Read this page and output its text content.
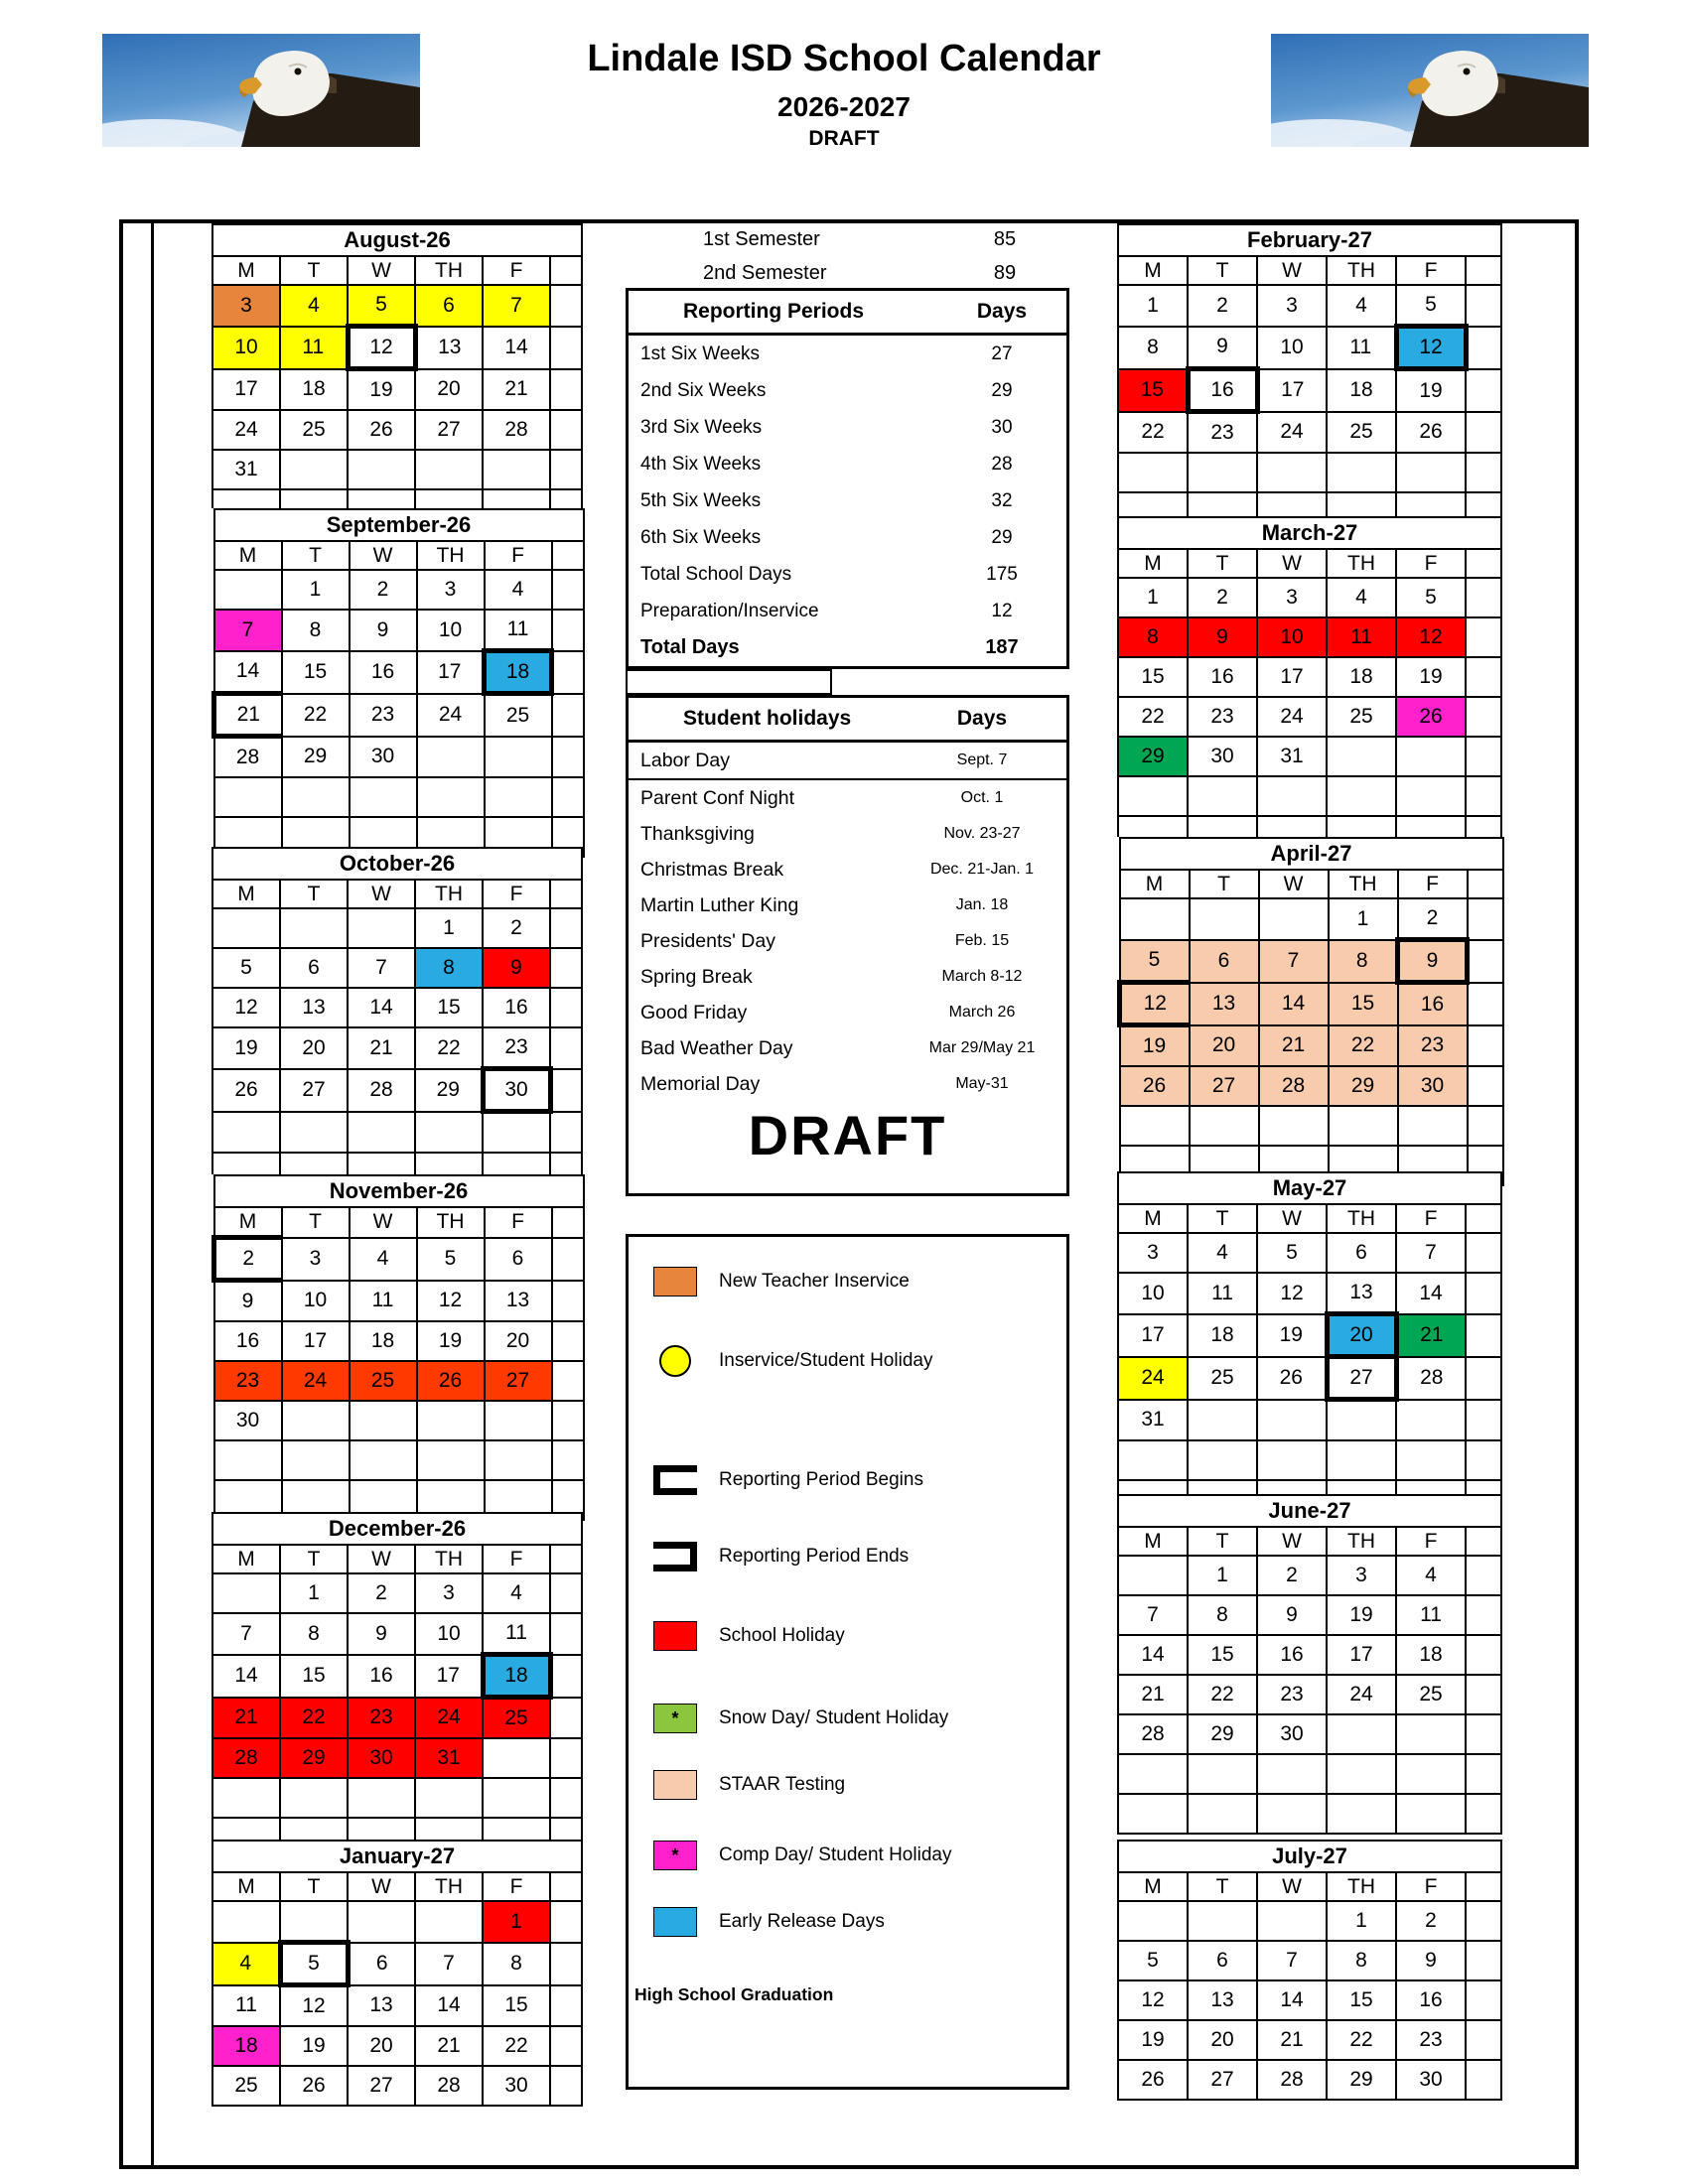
Lindale ISD School Calendar
2026-2027
DRAFT
August-26					
M	T	W	TH	F	
3	4	5	6	7	
10	11	12	13	14	
17	18	19	20	21	
24	25	26	27	28	
31					

September-26					
M	T	W	TH	F	
	1	2	3	4	
7	8	9	10	11	
14	15	16	17	18	
21	22	23	24	25	
28	29	30			

October-26					
M	T	W	TH	F	
			1	2	
5	6	7	8	9	
12	13	14	15	16	
19	20	21	22	23	
26	27	28	29	30	

November-26					
M	T	W	TH	F	
2	3	4	5	6	
9	10	11	12	13	
16	17	18	19	20	
23	24	25	26	27	
30					

December-26					
M	T	W	TH	F	
	1	2	3	4	
7	8	9	10	11	
14	15	16	17	18	
21	22	23	24	25	
28	29	30	31		

January-27					
M	T	W	TH	F	
				1	
4	5	6	7	8	
11	12	13	14	15	
18	19	20	21	22	
25	26	27	28	30	
February-27					
M	T	W	TH	F	
1	2	3	4	5	
8	9	10	11	12	
15	16	17	18	19	
22	23	24	25	26	

March-27					
M	T	W	TH	F	
1	2	3	4	5	
8	9	10	11	12	
15	16	17	18	19	
22	23	24	25	26	
29	30	31			

April-27					
M	T	W	TH	F	
			1	2	
5	6	7	8	9	
12	13	14	15	16	
19	20	21	22	23	
26	27	28	29	30	

May-27					
M	T	W	TH	F	
3	4	5	6	7	
10	11	12	13	14	
17	18	19	20	21	
24	25	26	27	28	
31					

June-27					
M	T	W	TH	F	
	1	2	3	4	
7	8	9	19	11	
14	15	16	17	18	
21	22	23	24	25	
28	29	30			

July-27					
M	T	W	TH	F	
			1	2	
5	6	7	8	9	
12	13	14	15	16	
19	20	21	22	23	
26	27	28	29	30	
1st Semester	85
2nd Semester	89
Reporting Periods	Days
1st Six Weeks	27
2nd Six Weeks	29
3rd Six Weeks	30
4th Six Weeks	28
5th Six Weeks	32
6th Six Weeks	29
Total School Days	175
Preparation/Inservice	12
Total Days	187
Student holidays	Days
Labor Day	Sept. 7
Parent Conf Night	Oct. 1
Thanksgiving	Nov. 23-27
Christmas Break	Dec. 21-Jan. 1
Martin Luther King	Jan. 18
Presidents' Day	Feb. 15
Spring Break	March 8-12
Good Friday	March 26
Bad Weather Day	Mar 29/May 21
Memorial Day	May-31
DRAFT
High School Graduation
New Teacher Inservice
Inservice/Student Holiday
Reporting Period Begins
Reporting Period Ends
School Holiday
*	Snow Day/ Student Holiday
STAAR Testing
*	Comp Day/ Student Holiday
Early Release Days
